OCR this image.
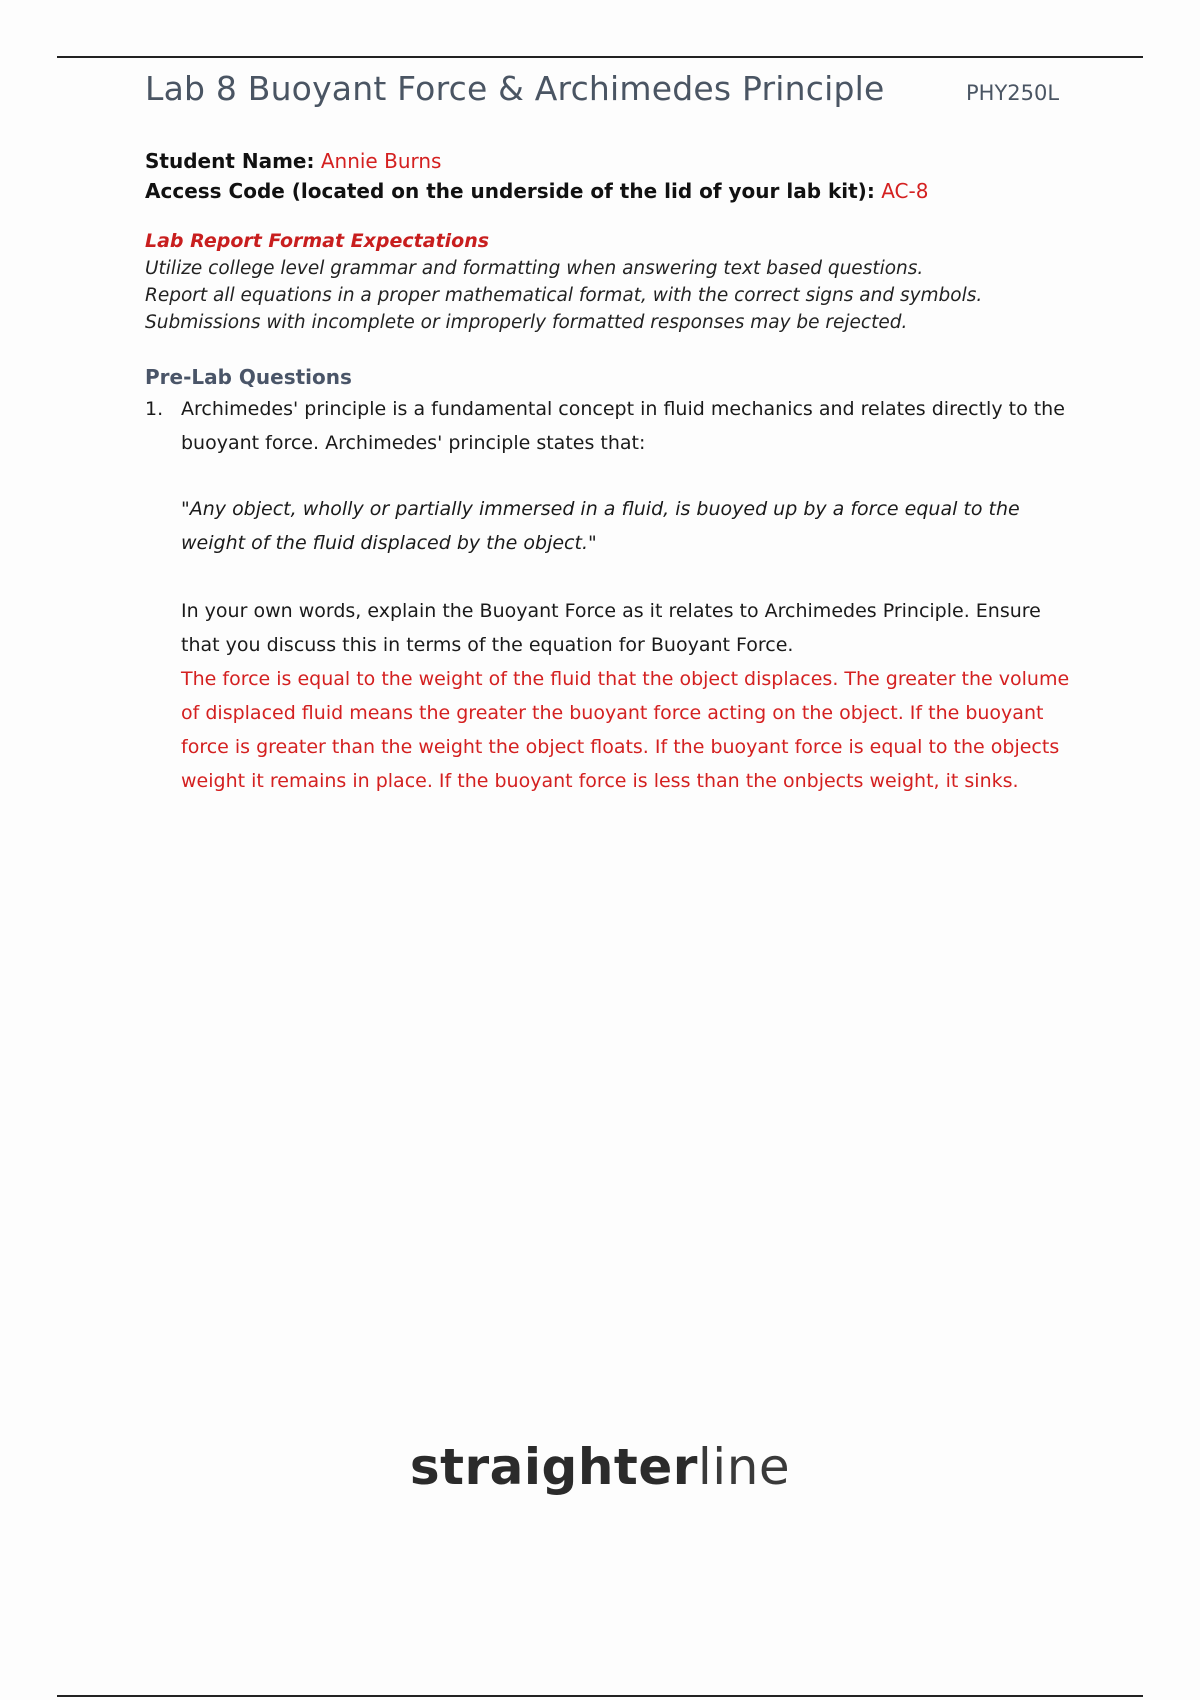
Lab 8 Buoyant Force & Archimedes Principle	PHY250L
Student Name: Annie Burns
Access Code (located on the underside of the lid of your lab kit): AC-8
Lab Report Format Expectations
Utilize college level grammar and formatting when answering text based questions.
Report all equations in a proper mathematical format, with the correct signs and symbols.
Submissions with incomplete or improperly formatted responses may be rejected.
Pre-Lab Questions
1. Archimedes' principle is a fundamental concept in fluid mechanics and relates directly to the buoyant force. Archimedes' principle states that:
"Any object, wholly or partially immersed in a fluid, is buoyed up by a force equal to the weight of the fluid displaced by the object."
In your own words, explain the Buoyant Force as it relates to Archimedes Principle. Ensure that you discuss this in terms of the equation for Buoyant Force.
The force is equal to the weight of the fluid that the object displaces. The greater the volume of displaced fluid means the greater the buoyant force acting on the object. If the buoyant force is greater than the weight the object floats. If the buoyant force is equal to the objects weight it remains in place. If the buoyant force is less than the onbjects weight, it sinks.
straighterline
